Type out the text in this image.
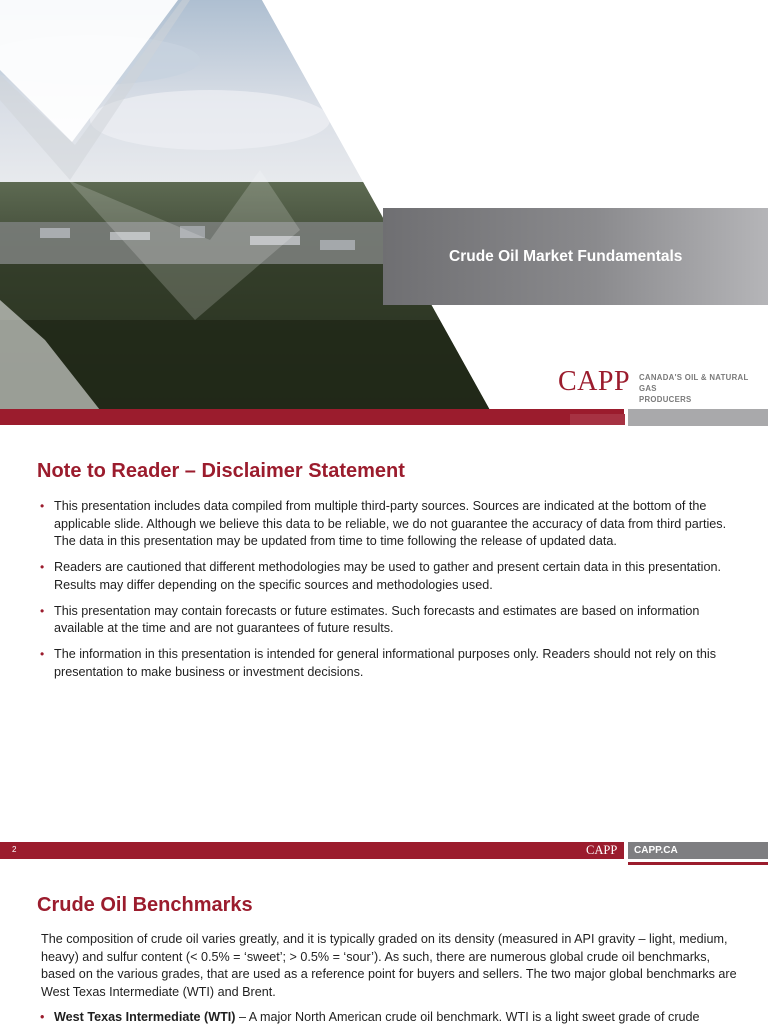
Crude Oil Market Fundamentals
CAPP CANADA'S OIL & NATURAL GAS
PRODUCERS
Note to Reader – Disclaimer Statement
• This presentation includes data compiled from multiple third-party sources. Sources are indicated at the bottom of the applicable slide. Although we believe this data to be reliable, we do not guarantee the accuracy of data from third parties. The data in this presentation may be updated from time to time following the release of updated data.
• Readers are cautioned that different methodologies may be used to gather and present certain data in this presentation. Results may differ depending on the specific sources and methodologies used.
• This presentation may contain forecasts or future estimates. Such forecasts and estimates are based on information available at the time and are not guarantees of future results.
• The information in this presentation is intended for general informational purposes only. Readers should not rely on this presentation to make business or investment decisions.
2	CAPP CAPP.CA
Crude Oil Benchmarks
The composition of crude oil varies greatly, and it is typically graded on its density (measured in API gravity – light, medium, heavy) and sulfur content (< 0.5% = ‘sweet’; > 0.5% = ‘sour’). As such, there are numerous global crude oil benchmarks, based on the various grades, that are used as a reference point for buyers and sellers. The two major global benchmarks are West Texas Intermediate (WTI) and Brent.
• West Texas Intermediate (WTI) – A major North American crude oil benchmark. WTI is a light sweet grade of crude
